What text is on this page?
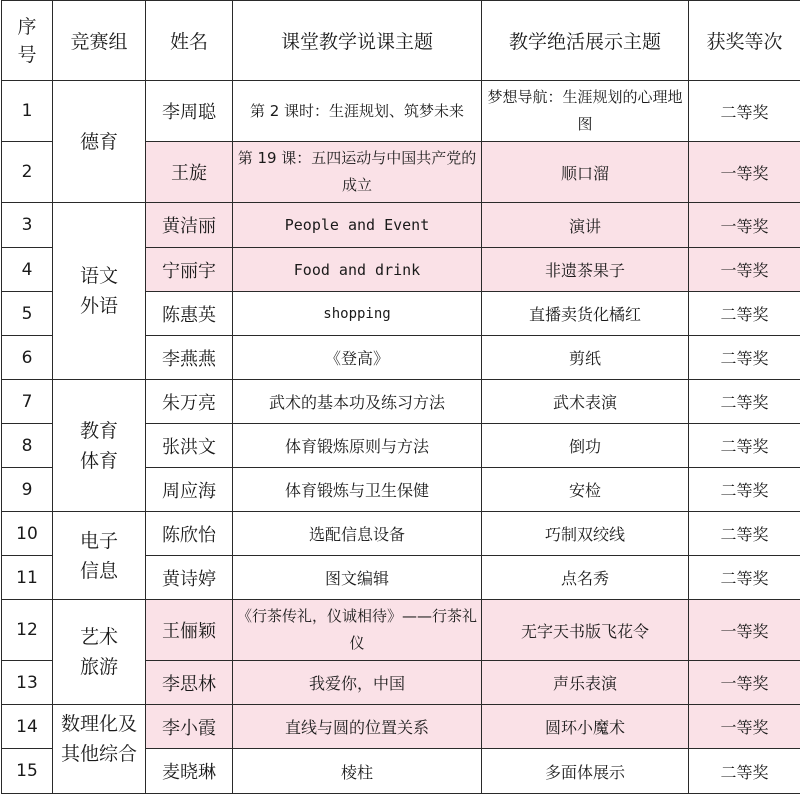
序号	竞赛组	姓名	课堂教学说课主题	教学绝活展示主题	获奖等次
1	德育	李周聪	第 2 课时：生涯规划、筑梦未来	梦想导航：生涯规划的心理地图	二等奖
2		王旋	第 19 课：五四运动与中国共产党的成立	顺口溜	一等奖
3	语文外语	黄洁丽	People and Event	演讲	一等奖
4		宁丽宇	Food and drink	非遗茶果子	一等奖
5		陈惠英	shopping	直播卖货化橘红	二等奖
6		李燕燕	《登高》	剪纸	二等奖
7	教育体育	朱万亮	武术的基本功及练习方法	武术表演	二等奖
8		张洪文	体育锻炼原则与方法	倒功	二等奖
9		周应海	体育锻炼与卫生保健	安检	二等奖
10	电子信息	陈欣怡	选配信息设备	巧制双绞线	二等奖
11		黄诗婷	图文编辑	点名秀	二等奖
12	艺术旅游	王俪颖	《行茶传礼，仪诚相待》——行茶礼仪	无字天书版飞花令	一等奖
13		李思林	我爱你，中国	声乐表演	一等奖
14	数理化及其他综合	李小霞	直线与圆的位置关系	圆环小魔术	一等奖
15		麦晓琳	棱柱	多面体展示	二等奖
